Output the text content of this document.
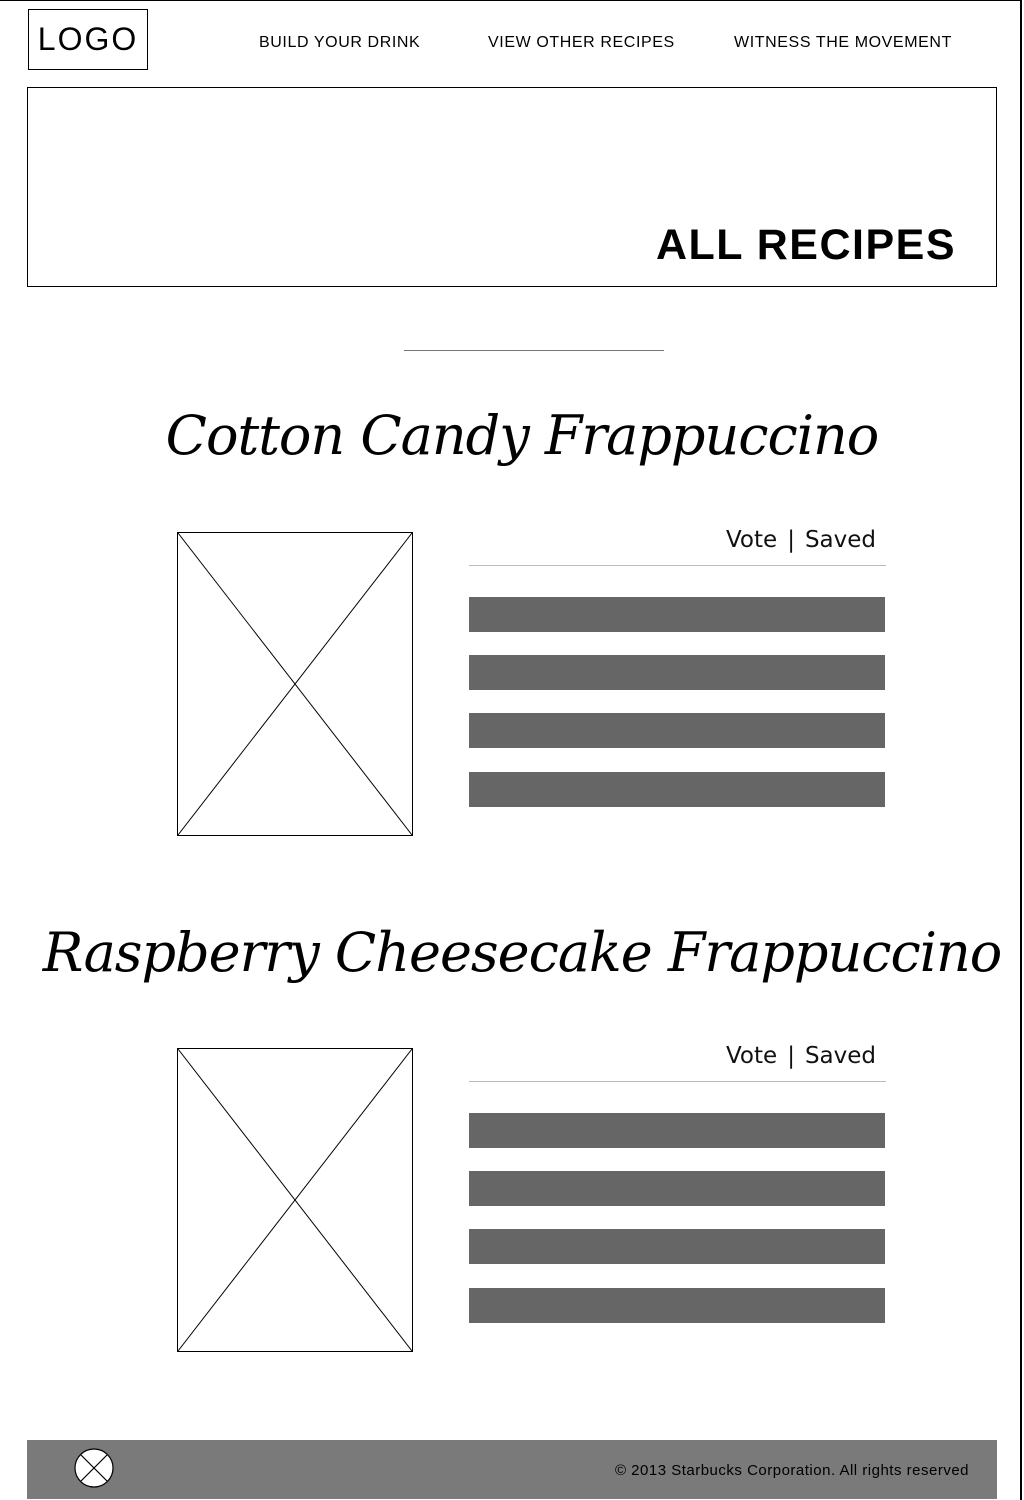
LOGO	BUILD YOUR DRINK	VIEW OTHER RECIPES	WITNESS THE MOVEMENT
ALL RECIPES
Cotton Candy Frappuccino
Vote | Saved
Raspberry Cheesecake Frappuccino
Vote | Saved
© 2013 Starbucks Corporation. All rights reserved
